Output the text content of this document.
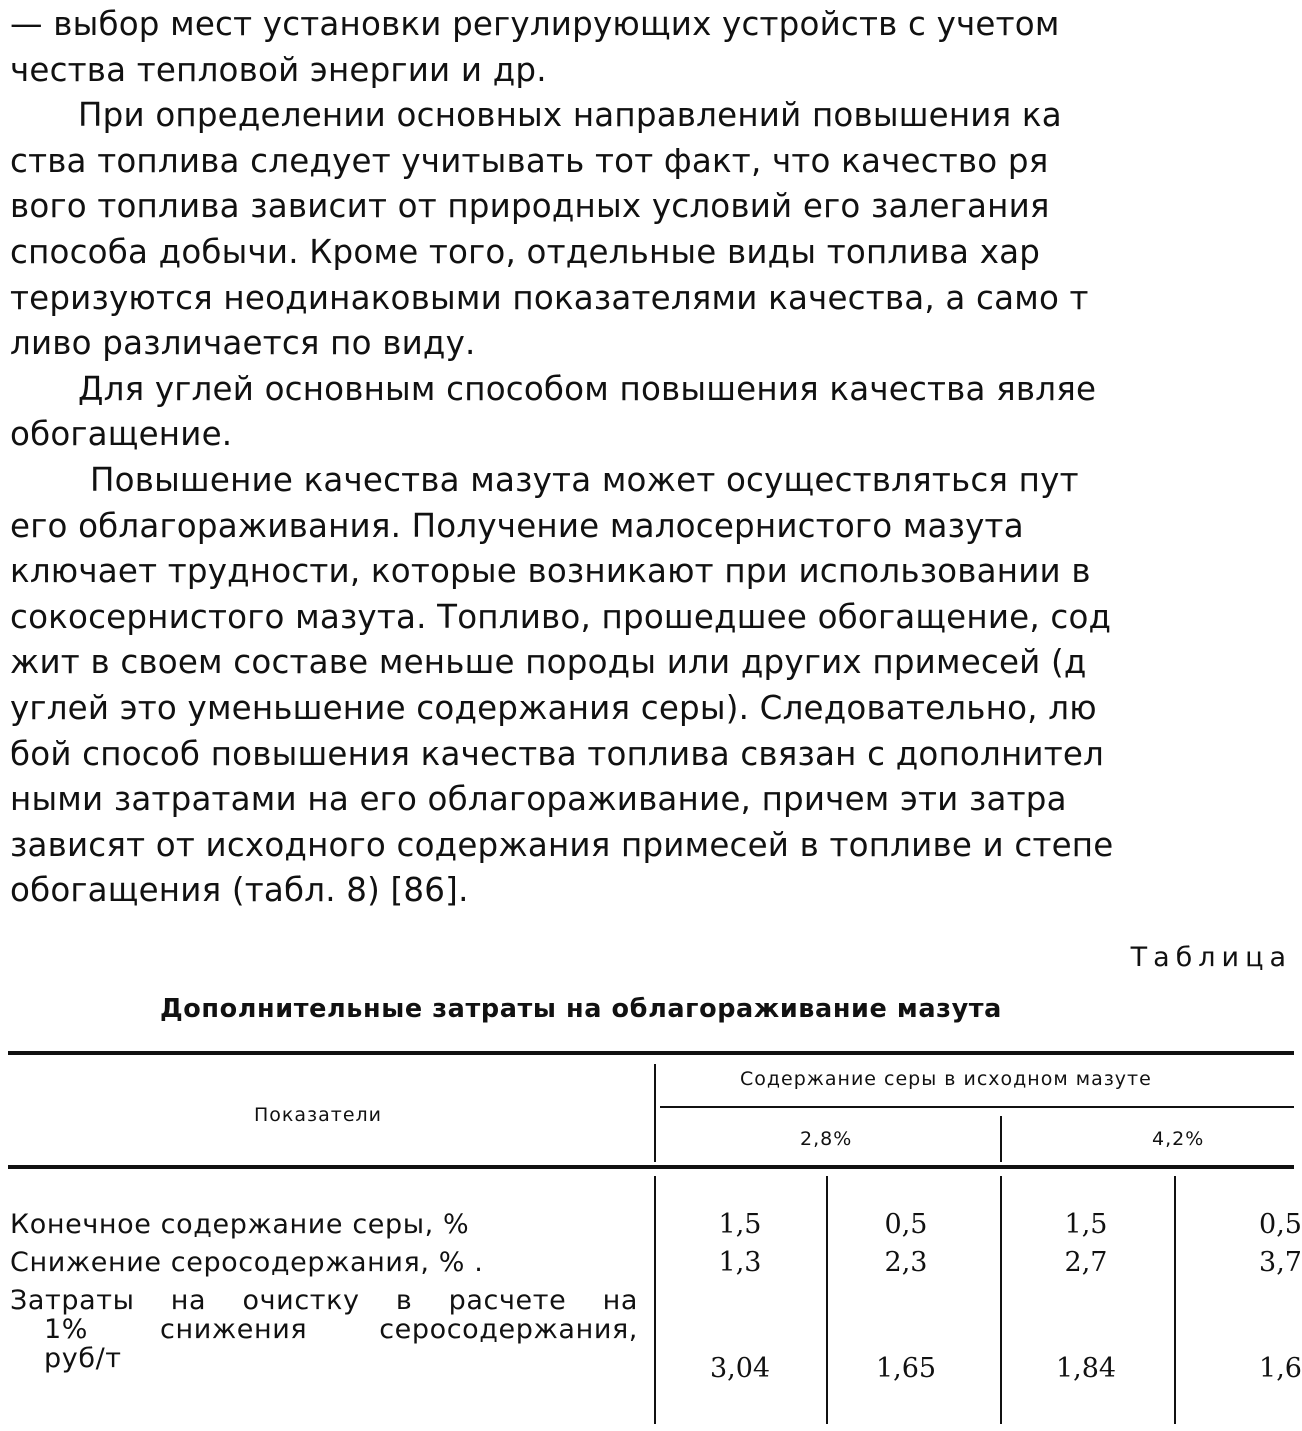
— выбор мест установки регулирующих устройств с учетом
чества тепловой энергии и др.
При определении основных направлений повышения ка
ства топлива следует учитывать тот факт, что качество ря
вого топлива зависит от природных условий его залегания
способа добычи. Кроме того, отдельные виды топлива хар
теризуются неодинаковыми показателями качества, а само т
ливо различается по виду.
Для углей основным способом повышения качества являе
обогащение.
Повышение качества мазута может осуществляться пут
его облагораживания. Получение малосернистого мазута
ключает трудности, которые возникают при использовании в
сокосернистого мазута. Топливо, прошедшее обогащение, сод
жит в своем составе меньше породы или других примесей (д
углей это уменьшение содержания серы). Следовательно, лю
бой способ повышения качества топлива связан с дополнител
ными затратами на его облагораживание, причем эти затра
зависят от исходного содержания примесей в топливе и степе
обогащения (табл. 8) [86].
Таблица
Дополнительные затраты на облагораживание мазута
Показатели
Содержание серы в исходном мазуте
2,8%	4,2%
Конечное содержание серы, %	1,5	0,5	1,5	0,5
Снижение серосодержания, % .	1,3	2,3	2,7	3,7
Затраты на очистку в расчете на
1% снижения серосодержания,
руб/т	3,04	1,65	1,84	1,6
